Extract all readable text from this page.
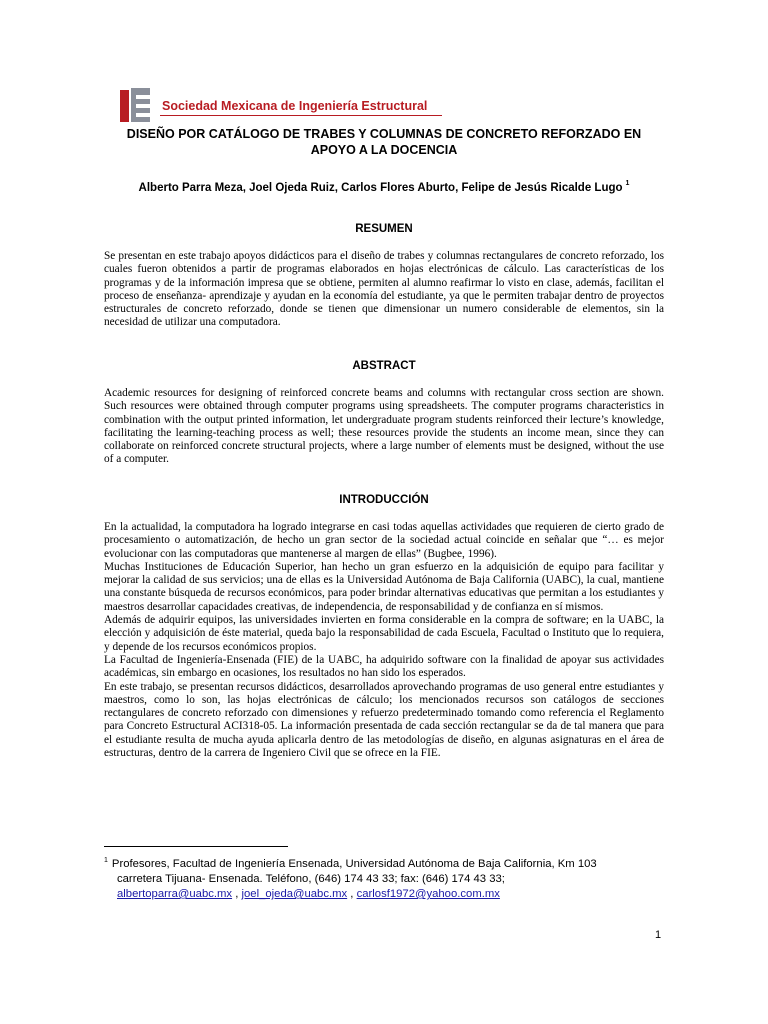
Sociedad Mexicana de Ingeniería Estructural
DISEÑO POR CATÁLOGO DE TRABES Y COLUMNAS DE CONCRETO REFORZADO EN APOYO A LA DOCENCIA
Alberto Parra Meza, Joel Ojeda Ruiz, Carlos Flores Aburto, Felipe de Jesús Ricalde Lugo $^1$
RESUMEN
Se presentan en este trabajo apoyos didácticos para el diseño de trabes y columnas rectangulares de concreto reforzado, los cuales fueron obtenidos a partir de programas elaborados en hojas electrónicas de cálculo. Las características de los programas y de la información impresa que se obtiene, permiten al alumno reafirmar lo visto en clase, además, facilitan el proceso de enseñanza- aprendizaje y ayudan en la economía del estudiante, ya que le permiten trabajar dentro de proyectos estructurales de concreto reforzado, donde se tienen que dimensionar un numero considerable de elementos, sin la necesidad de utilizar una computadora.
ABSTRACT
Academic resources for designing of reinforced concrete beams and columns with rectangular cross section are shown. Such resources were obtained through computer programs using spreadsheets. The computer programs characteristics in combination with the output printed information, let undergraduate program students reinforced their lecture’s knowledge, facilitating the learning-teaching process as well; these resources provide the students an income mean, since they can collaborate on reinforced concrete structural projects, where a large number of elements must be designed, without the use of a computer.
INTRODUCCIÓN

En la actualidad, la computadora ha logrado integrarse en casi todas aquellas actividades que requieren de cierto grado de procesamiento o automatización, de hecho un gran sector de la sociedad actual coincide en señalar que “… es mejor evolucionar con las computadoras que mantenerse al margen de ellas” (Bugbee, 1996).

Muchas Instituciones de Educación Superior, han hecho un gran esfuerzo en la adquisición de equipo para facilitar y mejorar la calidad de sus servicios; una de ellas es la Universidad Autónoma de Baja California (UABC), la cual, mantiene una constante búsqueda de recursos económicos, para poder brindar alternativas educativas que permitan a los estudiantes y maestros desarrollar capacidades creativas, de independencia, de responsabilidad y de confianza en sí mismos.

Además de adquirir equipos, las universidades invierten en forma considerable en la compra de software; en la UABC, la elección y adquisición de éste material, queda bajo la responsabilidad de cada Escuela, Facultad o Instituto que lo requiera, y depende de los recursos económicos propios.

La Facultad de Ingeniería-Ensenada (FIE) de la UABC, ha adquirido software con la finalidad de apoyar sus actividades académicas, sin embargo en ocasiones, los resultados no han sido los esperados.

En este trabajo, se presentan recursos didácticos, desarrollados aprovechando programas de uso general entre estudiantes y maestros, como lo son, las hojas electrónicas de cálculo; los mencionados recursos son catálogos de secciones rectangulares de concreto reforzado con dimensiones y refuerzo predeterminado tomando como referencia el Reglamento para Concreto Estructural ACI318-05. La información presentada de cada sección rectangular se da de tal manera que para el estudiante resulta de mucha ayuda aplicarla dentro de las metodologías de diseño, en algunas asignaturas en el área de estructuras, dentro de la carrera de Ingeniero Civil que se ofrece en la FIE.

$^1$ Profesores, Facultad de Ingeniería Ensenada, Universidad Autónoma de Baja California, Km 103
carretera Tijuana- Ensenada. Teléfono, (646) 174 43 33; fax: (646) 174 43 33;
albertoparra@uabc.mx , joel_ojeda@uabc.mx , carlosf1972@yahoo.com.mx
1
